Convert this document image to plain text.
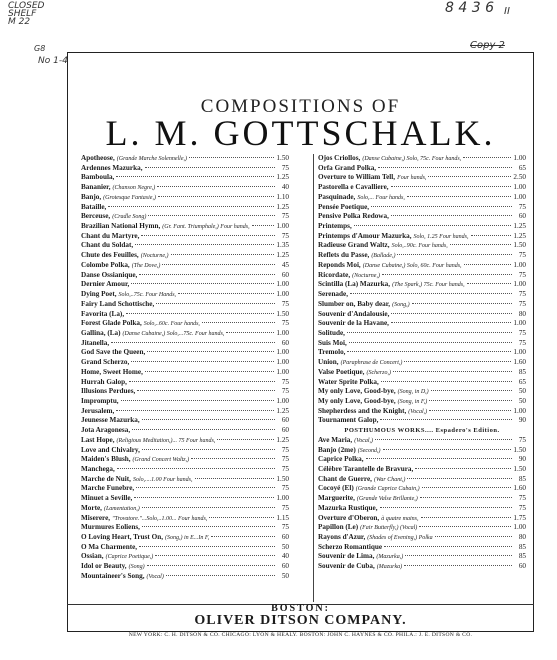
CLOSED SHELF M 22
II
8 4 3 6
Copy 2
G8
No 1-4
COMPOSITIONS OF
L. M. GOTTSCHALK.
Apotheose, (Grande Marche Solennelle,)	1.50
Ardennes Mazurka,	75
Bamboula,	1.25
Bananier, (Chanson Negre,)	40
Banjo, (Grotesque Fantasie,)	1.10
Bataille,	1.25
Berceuse, (Cradle Song)	75
Brazilian National Hymn, (Gr. Fant. Triumphale,) Four hands,	1.00
Chant du Martyre,	75
Chant du Soldat,	1.35
Chute des Feuilles, (Nocturne,)	1.25
Colombe Polka, (The Dove,)	45
Danse Ossianique,	60
Dernier Amour,	1.00
Dying Poet, Solo,..75c. Four Hands,	1.00
Fairy Land Schottische,	75
Favorita (La),	1.50
Forest Glade Polka, Solo,..60c. Four hands,	75
Gallina, (La) (Danse Cubaine,) Solo,...75c. Four hands,	1.00
Jitanella,	60
God Save the Queen,	1.00
Grand Scherzo,	1.00
Home, Sweet Home,	1.00
Hurrah Galop,	75
Illusions Perdues,	75
Impromptu,	1.00
Jerusalem,	1.25
Jeunesse Mazurka,	60
Jota Aragonesa,	60
Last Hope, (Religious Meditation,)... 75 Four hands,	1.25
Love and Chivalry,	75
Maiden's Blush, (Grand Concert Waltz,)	75
Manchega,	75
Marche de Nuit, Solo,....1.00 Four hands,	1.50
Marche Funebre,	75
Minuet a Seville,	1.00
Morte, (Lamentation,)	75
Miserere, "Trovatore."...Solo,..1.00... Four hands,	1.15
Murmures Eoliens,	75
O Loving Heart, Trust On, (Song,) in E...In F,	60
O Ma Charmente,	50
Ossian, (Caprice Poetique,)	40
Idol or Beauty, (Song)	60
Mountaineer's Song, (Vocal)	50
Ojos Criollos, (Danse Cubaine,) Solo, 75c. Four hands,	1.00
Orfa Grand Polka,	65
Overture to William Tell, Four hands,	2.50
Pastorella e Cavalliere,	1.00
Pasquinade, Solo,... Four hands,	1.00
Pensée Poetique,	75
Pensive Polka Redowa,	60
Printemps,	1.25
Printemps d'Amour Mazurka, Solo, 1.25 Four hands,	1.25
Radieuse Grand Waltz, Solo,..90c. Four hands,	1.50
Reflets du Passe, (Ballade,)	75
Reponds Moi, (Danse Cubaine,) Solo, 60c. Four hands,	1.00
Ricordate, (Nocturne,)	75
Scintilla (La) Mazurka, (The Spark,) 75c. Four hands,	1.00
Serenade,	75
Slumber on, Baby dear, (Song,)	75
Souvenir d'Andalousie,	80
Souvenir de la Havane,	1.00
Solitude,	75
Suis Moi,	75
Tremolo,	1.00
Union, (Paraphrase de Concert,)	1.60
Valse Poetique, (Scherzo,)	85
Water Sprite Polka,	65
My only Love, Good-bye, (Song, in D,)	50
My only Love, Good-bye, (Song, in F,)	50
Shepherdess and the Knight, (Vocal,)	1.00
Tournament Galop,	90
POSTHUMOUS WORKS.... Espadero's Edition.
Ave Maria, (Vocal,)	75
Banjo (2me) (Second,)	1.50
Caprice Polka,	90
Célèbre Tarantelle de Bravura,	1.50
Chant de Guerre, (War Chant,)	85
Cocoyé (El) (Grande Caprice Cubain,)	1.60
Marguerite, (Grande Valse Brillante,)	75
Mazurka Rustique,	75
Overture d'Oberon, à quatre mains,	1.75
Papillon (Le) (Fair Butterfly,) (Vocal)	1.00
Rayons d'Azur, (Shades of Evening,) Polka	80
Scherzo Romantique	85
Souvenir de Lima, (Mazurka,)	85
Souvenir de Cuba, (Mazurka)	60
BOSTON:
OLIVER DITSON COMPANY.
NEW YORK: C. H. DITSON & CO. CHICAGO: LYON & HEALY. BOSTON: JOHN C. HAYNES & CO. PHILA.: J. E. DITSON & CO.
